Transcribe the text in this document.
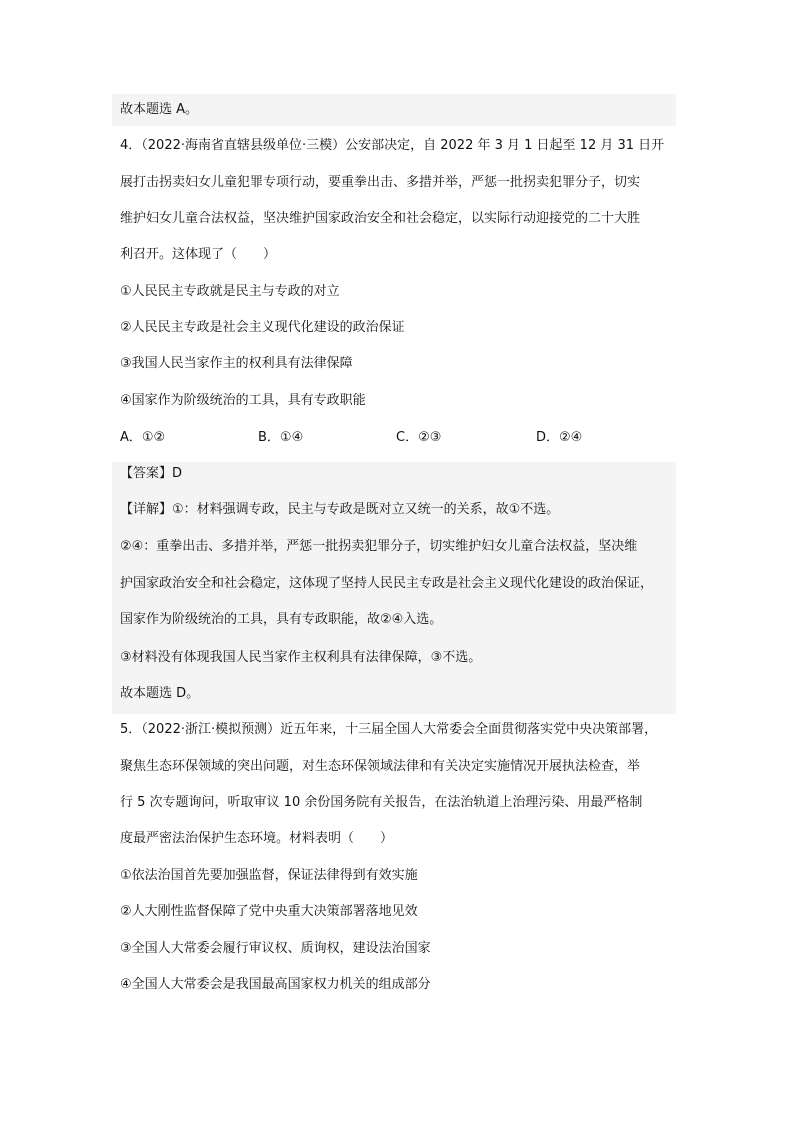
故本题选 A。
4．（2022·海南省直辖县级单位·三模）公安部决定，自 2022 年 3 月 1 日起至 12 月 31 日开
展打击拐卖妇女儿童犯罪专项行动，要重拳出击、多措并举，严惩一批拐卖犯罪分子，切实
维护妇女儿童合法权益，坚决维护国家政治安全和社会稳定，以实际行动迎接党的二十大胜
利召开。这体现了（　　）
①人民民主专政就是民主与专政的对立
②人民民主专政是社会主义现代化建设的政治保证
③我国人民当家作主的权利具有法律保障
④国家作为阶级统治的工具，具有专政职能
A．①②	B．①④	C．②③	D．②④
【答案】D
【详解】①：材料强调专政，民主与专政是既对立又统一的关系，故①不选。
②④：重拳出击、多措并举，严惩一批拐卖犯罪分子，切实维护妇女儿童合法权益，坚决维
护国家政治安全和社会稳定，这体现了坚持人民民主专政是社会主义现代化建设的政治保证，
国家作为阶级统治的工具，具有专政职能，故②④入选。
③材料没有体现我国人民当家作主权利具有法律保障，③不选。
故本题选 D。
5．（2022·浙江·模拟预测）近五年来，十三届全国人大常委会全面贯彻落实党中央决策部署，
聚焦生态环保领域的突出问题，对生态环保领域法律和有关决定实施情况开展执法检查，举
行 5 次专题询问，听取审议 10 余份国务院有关报告，在法治轨道上治理污染、用最严格制
度最严密法治保护生态环境。材料表明（　　）
①依法治国首先要加强监督，保证法律得到有效实施
②人大刚性监督保障了党中央重大决策部署落地见效
③全国人大常委会履行审议权、质询权，建设法治国家
④全国人大常委会是我国最高国家权力机关的组成部分
